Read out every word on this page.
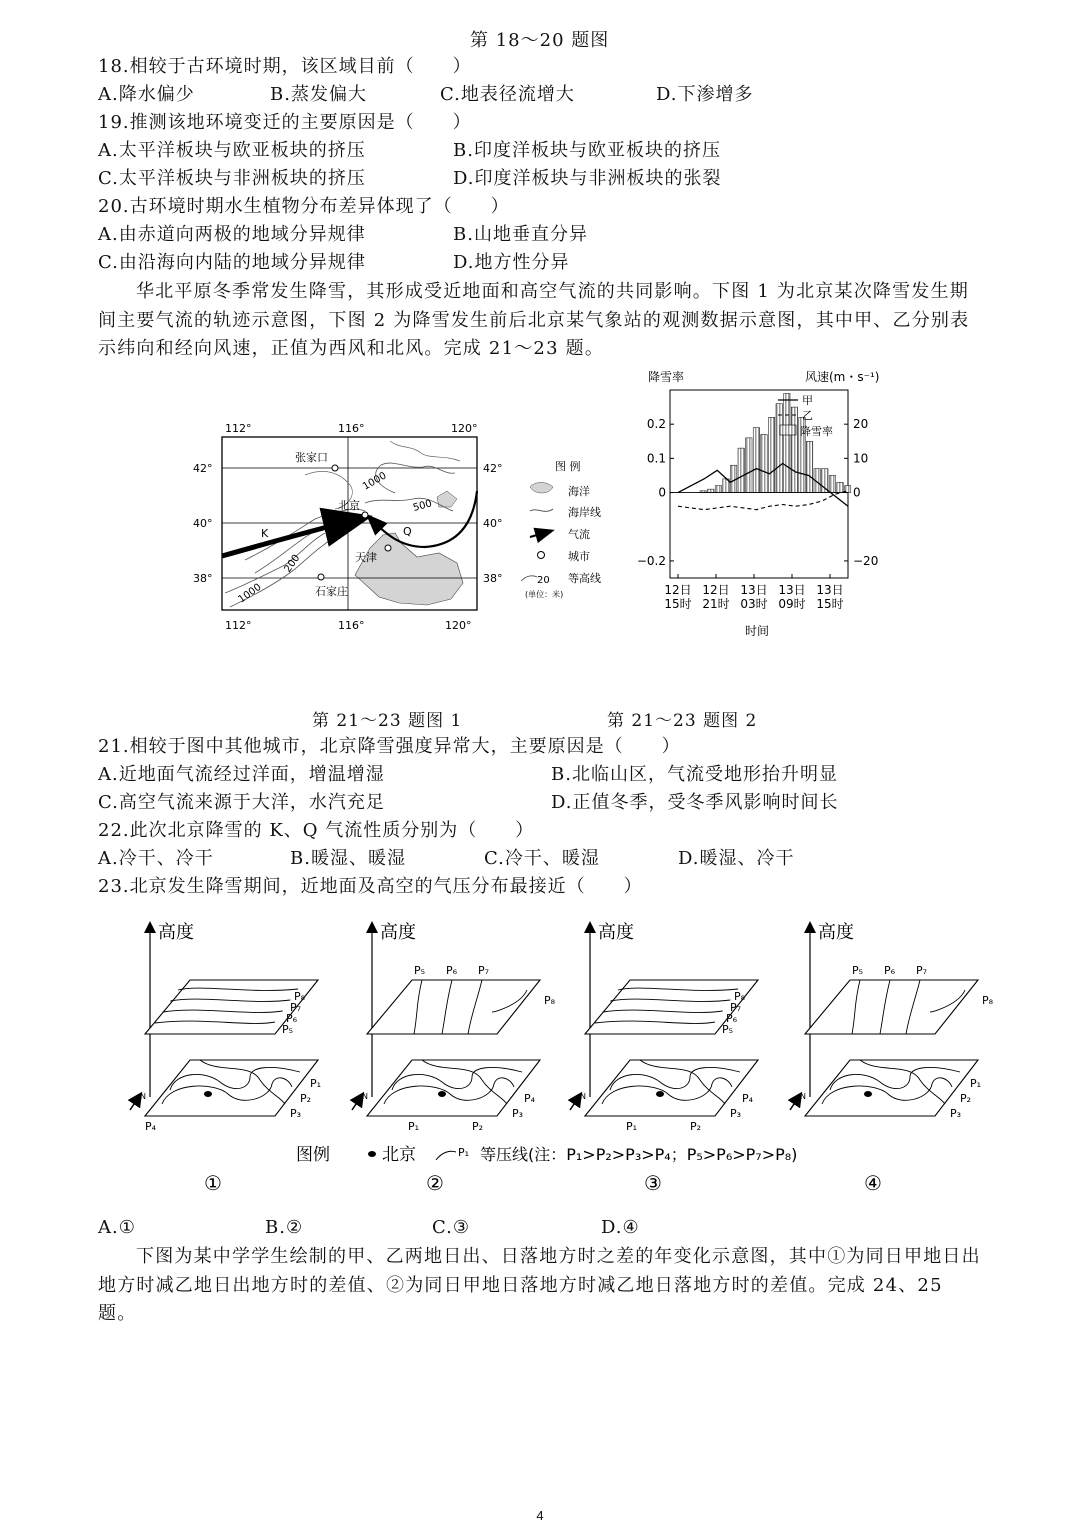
第 18～20 题图
18.相较于古环境时期，该区域目前（　　）
A.降水偏少	B.蒸发偏大	C.地表径流增大	D.下渗增多
19.推测该地环境变迁的主要原因是（　　）
A.太平洋板块与欧亚板块的挤压	B.印度洋板块与欧亚板块的挤压
C.太平洋板块与非洲板块的挤压	D.印度洋板块与非洲板块的张裂
20.古环境时期水生植物分布差异体现了（　　）
A.由赤道向两极的地域分异规律	B.山地垂直分异
C.由沿海向内陆的地域分异规律	D.地方性分异
华北平原冬季常发生降雪，其形成受近地面和高空气流的共同影响。下图 1 为北京某次降雪发生期间主要气流的轨迹示意图，下图 2 为降雪发生前后北京某气象站的观测数据示意图，其中甲、乙分别表示纬向和经向风速，正值为西风和北风。完成 21～23 题。
1000
500
200
1000
K	Q
张家口
北京
天津
石家庄
112°	116°	120°
112°	116°	120°
42°
40°
38°
42°
40°
38°
图 例
海洋
海岸线
气流
城市
20 等高线
(单位：米)
降雪率	风速(m・s⁻¹)
0.2
0.1
0
−0.2
20
10
0
−20
12日
15时
12日
21时
13日
03时
13日
09时
13日
15时
甲
乙
降雪率
时间
第 21～23 题图 1	第 21～23 题图 2
21.相较于图中其他城市，北京降雪强度异常大，主要原因是（　　）
A.近地面气流经过洋面，增温增湿	B.北临山区，气流受地形抬升明显
C.高空气流来源于大洋，水汽充足	D.正值冬季，受冬季风影响时间长
22.此次北京降雪的 K、Q 气流性质分别为（　　）
A.冷干、冷干	B.暖湿、暖湿	C.冷干、暖湿	D.暖湿、冷干
23.北京发生降雪期间，近地面及高空的气压分布最接近（　　）
高度
P₈
P₇
P₆
P₅
N
P₁
P₂
P₃
P₄
①
高度
P₅ P₆ P₇
P₈
N	P₄
P₃
P₁	P₂
②
高度
P₈
P₇
P₆
P₅
N	P₄
P₃
P₁	P₂
③
高度
P₅ P₆ P₇
P₈
N
P₁
P₂
P₃
④
图例	北京	P₁ 等压线(注：P₁>P₂>P₃>P₄；P₅>P₆>P₇>P₈)
A.①	B.②	C.③	D.④
下图为某中学学生绘制的甲、乙两地日出、日落地方时之差的年变化示意图，其中①为同日甲地日出地方时减乙地日出地方时的差值、②为同日甲地日落地方时减乙地日落地方时的差值。完成 24、25 题。
4
